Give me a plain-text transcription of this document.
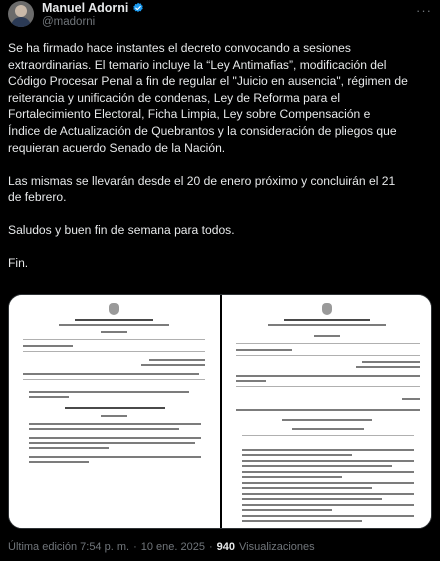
Manuel Adorni
@madorni
···
Se ha firmado hace instantes el decreto convocando a sesiones
extraordinarias. El temario incluye la “Ley Antimafias”, modificación del
Código Procesar Penal a fin de regular el "Juicio en ausencia", régimen de
reiterancia y unificación de condenas, Ley de Reforma para el
Fortalecimiento Electoral, Ficha Limpia, Ley sobre Compensación e
Índice de Actualización de Quebrantos y la consideración de pliegos que
requieran acuerdo Senado de la Nación.
Las mismas se llevarán desde el 20 de enero próximo y concluirán el 21
de febrero.
Saludos y buen fin de semana para todos.
Fin.
Última edición 7:54 p. m. · 10 ene. 2025 · 940 Visualizaciones
